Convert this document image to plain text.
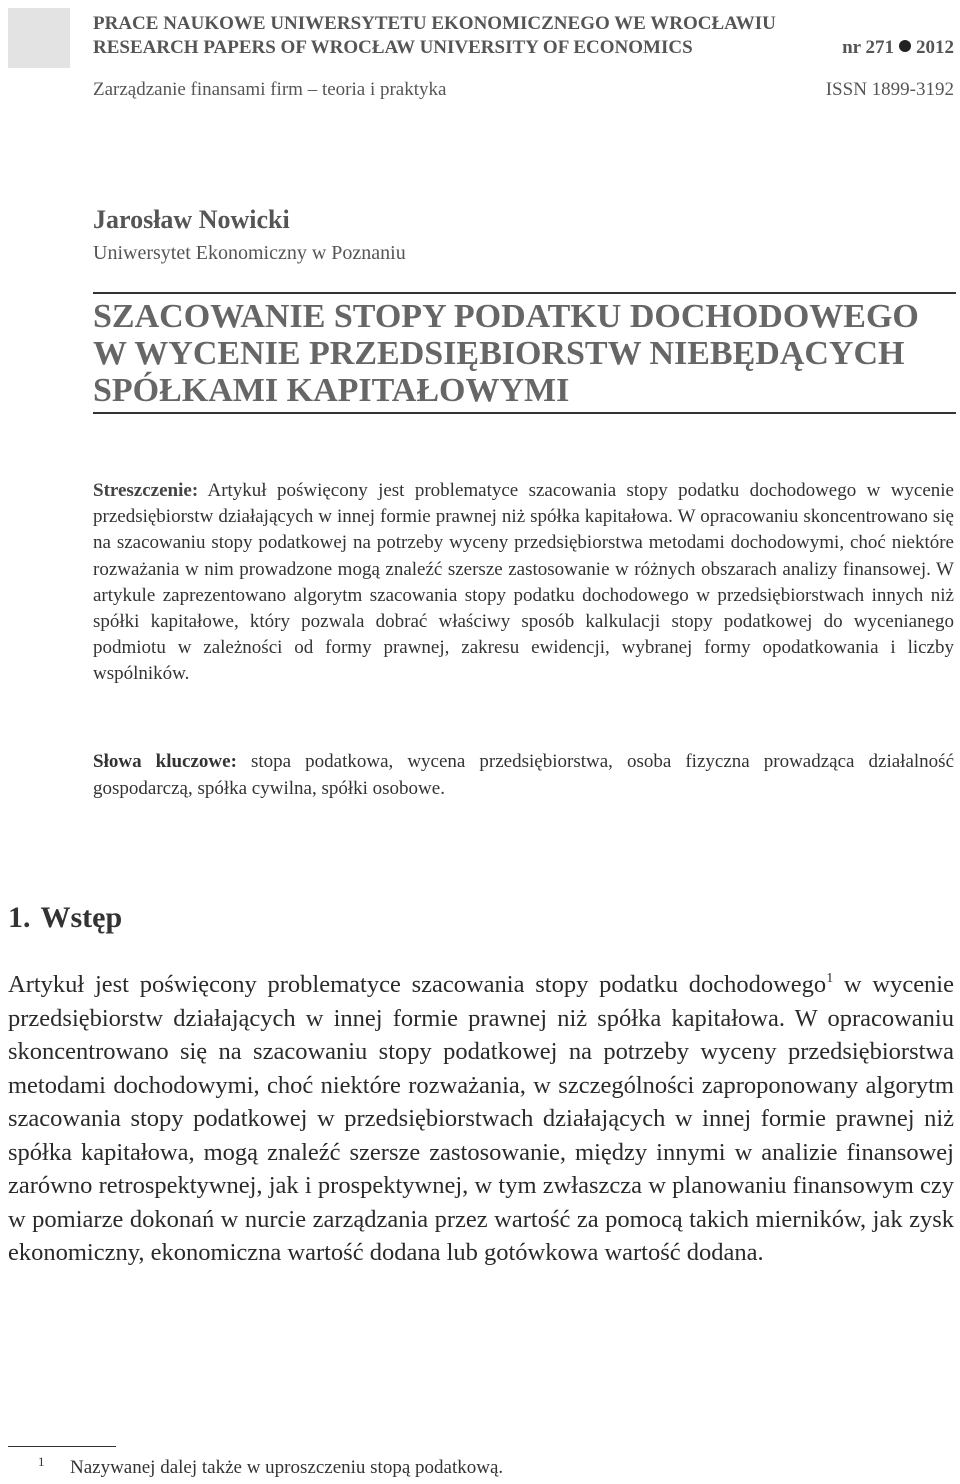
PRACE NAUKOWE UNIWERSYTETU EKONOMICZNEGO WE WROCŁAWIU
RESEARCH PAPERS OF WROCŁAW UNIVERSITY OF ECONOMICS	nr 271 2012
Zarządzanie finansami firm – teoria i praktyka	ISSN 1899-3192
Jarosław Nowicki
Uniwersytet Ekonomiczny w Poznaniu
SZACOWANIE STOPY PODATKU DOCHODOWEGO
W WYCENIE PRZEDSIĘBIORSTW NIEBĘDĄCYCH
SPÓŁKAMI KAPITAŁOWYMI
Streszczenie: Artykuł poświęcony jest problematyce szacowania stopy podatku dochodowego w wycenie przedsiębiorstw działających w innej formie prawnej niż spółka kapitałowa. W opracowaniu skoncentrowano się na szacowaniu stopy podatkowej na potrzeby wyceny przedsiębiorstwa metodami dochodowymi, choć niektóre rozważania w nim prowadzone mogą znaleźć szersze zastosowanie w różnych obszarach analizy finansowej. W artykule zaprezentowano algorytm szacowania stopy podatku dochodowego w przedsiębiorstwach innych niż spółki kapitałowe, który pozwala dobrać właściwy sposób kalkulacji stopy podatkowej do wycenianego podmiotu w zależności od formy prawnej, zakresu ewidencji, wybranej formy opodatkowania i liczby wspólników.
Słowa kluczowe: stopa podatkowa, wycena przedsiębiorstwa, osoba fizyczna prowadząca działalność gospodarczą, spółka cywilna, spółki osobowe.
1. Wstęp
Artykuł jest poświęcony problematyce szacowania stopy podatku dochodowego$^1$ w wycenie przedsiębiorstw działających w innej formie prawnej niż spółka kapitałowa. W opracowaniu skoncentrowano się na szacowaniu stopy podatkowej na potrzeby wyceny przedsiębiorstwa metodami dochodowymi, choć niektóre rozważania, w szczególności zaproponowany algorytm szacowania stopy podatkowej w przedsiębiorstwach działających w innej formie prawnej niż spółka kapitałowa, mogą znaleźć szersze zastosowanie, między innymi w analizie finansowej zarówno retrospektywnej, jak i prospektywnej, w tym zwłaszcza w planowaniu finansowym czy w pomiarze dokonań w nurcie zarządzania przez wartość za pomocą takich mierników, jak zysk ekonomiczny, ekonomiczna wartość dodana lub gotówkowa wartość dodana.
1 Nazywanej dalej także w uproszczeniu stopą podatkową.
